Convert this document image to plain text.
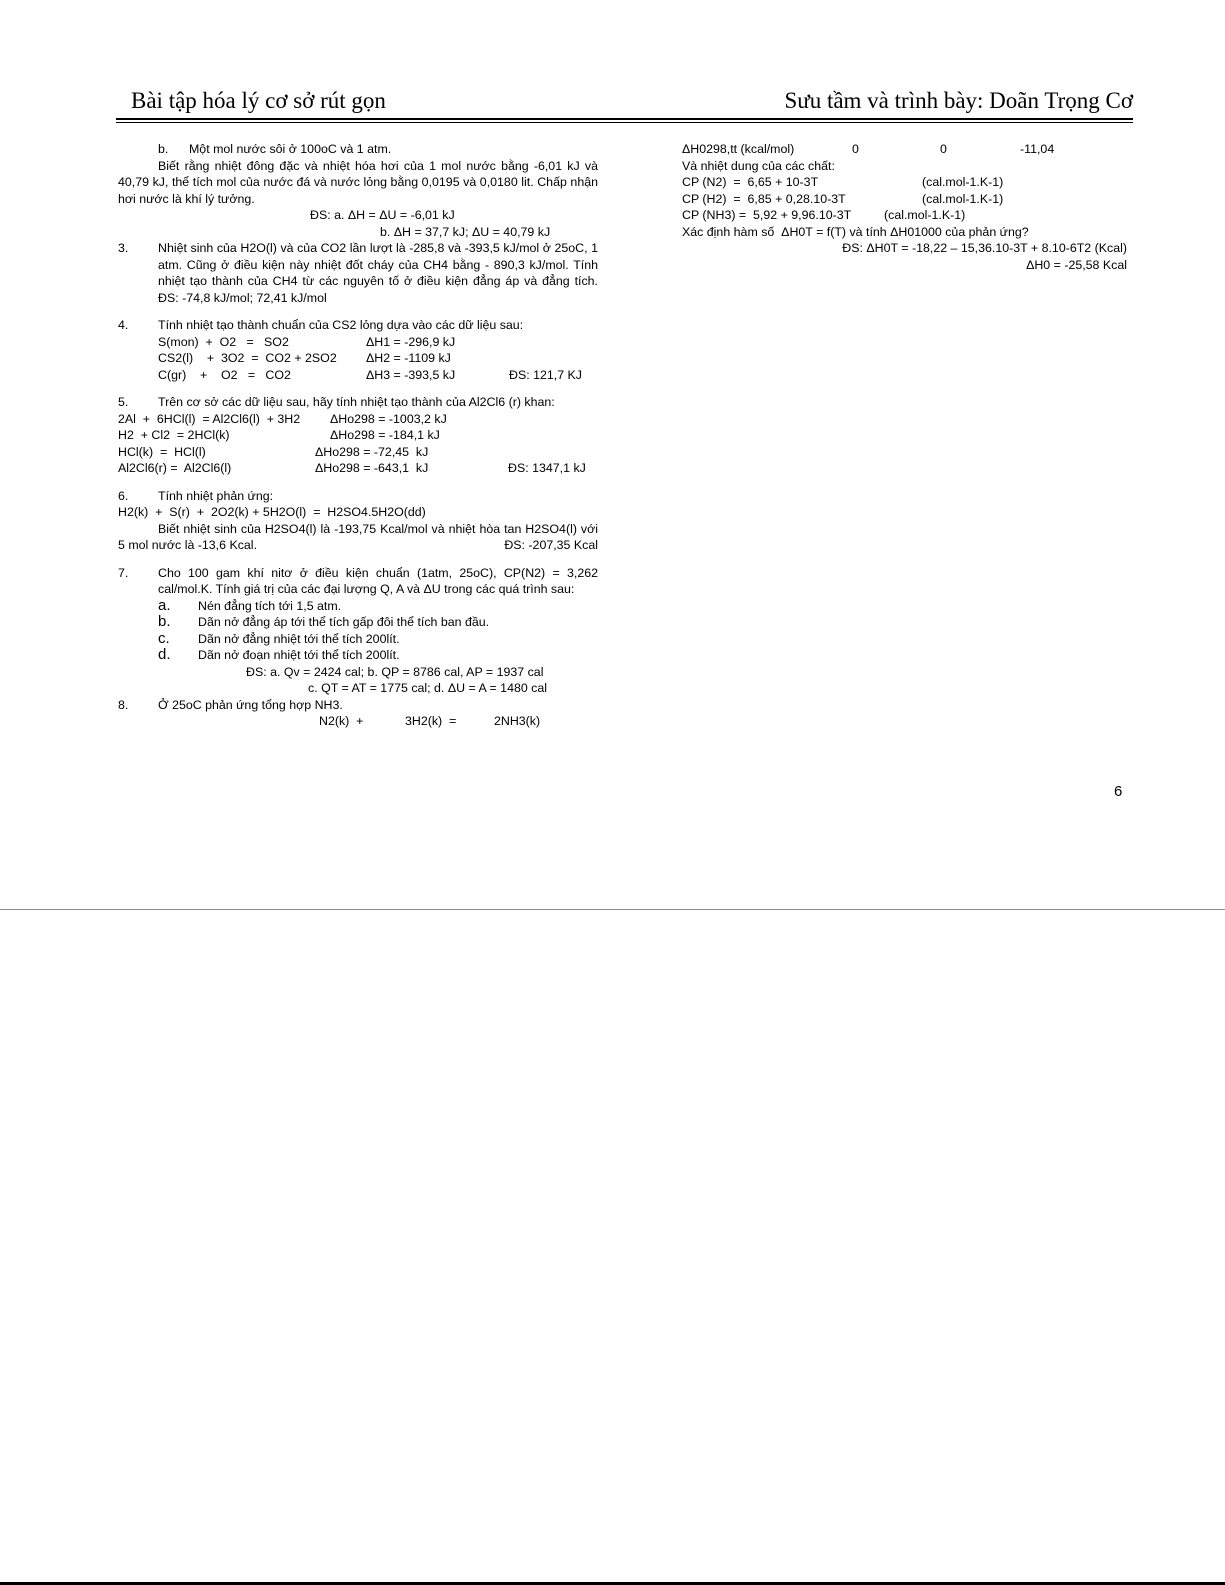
Bài tập hóa lý cơ sở rút gọn	Sưu tầm và trình bày: Doãn Trọng Cơ

b.      Một mol nước sôi ở 100oC và 1 atm.

Biết rằng nhiệt đông đặc và nhiệt hóa hơi của 1 mol nước bằng -6,01 kJ và 40,79 kJ, thể tích mol của nước đá và nước lỏng bằng 0,0195 và 0,0180 lit. Chấp nhận hơi nước là khí lý tưởng.

ĐS: a. ΔH = ΔU = -6,01 kJ

b. ΔH = 37,7 kJ; ΔU = 40,79 kJ

3.	Nhiệt sinh của H2O(l) và của CO2 lần lượt là -285,8 và -393,5 kJ/mol ở 25oC, 1 atm. Cũng ở điều kiện này nhiệt đốt cháy của CH4 bằng - 890,3 kJ/mol. Tính nhiệt tạo thành của CH4 từ các nguyên tố ở điều kiện đẳng áp và đẳng tích. ĐS: -74,8 kJ/mol; 72,41 kJ/mol

4.	Tính nhiệt tạo thành chuẩn của CS2 lỏng dựa vào các dữ liệu sau:

S(mon)  +  O2   =   SO2	ΔH1 = -296,9 kJ
CS2(l)    +  3O2  =  CO2 + 2SO2	ΔH2 = -1109 kJ
C(gr)    +    O2   =   CO2	ΔH3 = -393,5 kJ	ĐS: 121,7 KJ
5.	Trên cơ sở các dữ liệu sau, hãy tính nhiệt tạo thành của Al2Cl6 (r) khan:

2Al  +  6HCl(l)  = Al2Cl6(l)  + 3H2	ΔHo298 = -1003,2 kJ
H2  + Cl2  = 2HCl(k)	ΔHo298 = -184,1 kJ
HCl(k)  =  HCl(l)	ΔHo298 = -72,45  kJ
Al2Cl6(r) =  Al2Cl6(l)	ΔHo298 = -643,1  kJ	ĐS: 1347,1 kJ
6.	Tính nhiệt phản ứng:

H2(k)  +  S(r)  +  2O2(k) + 5H2O(l)  =  H2SO4.5H2O(dd)

Biết nhiệt sinh của H2SO4(l) là -193,75 Kcal/mol và nhiệt hòa tan H2SO4(l) với 5 mol nước là -13,6 Kcal.	ĐS: -207,35 Kcal

7.	Cho 100 gam khí nitơ ở điều kiện chuẩn (1atm, 25oC), CP(N2) = 3,262 cal/mol.K. Tính giá trị của các đại lượng Q, A và ΔU trong các quá trình sau:

a.	Nén đẳng tích tới 1,5 atm.
b.	Dãn nở đẳng áp tới thể tích gấp đôi thể tích ban đầu.
c.	Dãn nở đẳng nhiệt tới thể tích 200lít.
d.	Dãn nở đoạn nhiệt tới thể tích 200lít.

ĐS: a. Qv = 2424 cal; b. QP = 8786 cal, AP = 1937 cal

c. QT = AT = 1775 cal; d. ΔU = A = 1480 cal

8.	Ở 25oC phản ứng tổng hợp NH3.

N2(k)  +	3H2(k)  =	2NH3(k)
ΔH0298,tt (kcal/mol)	0	0	-11,04

Và nhiệt dung của các chất:

CP (N2)  =  6,65 + 10-3T	(cal.mol-1.K-1)
CP (H2)  =  6,85 + 0,28.10-3T	(cal.mol-1.K-1)
CP (NH3) =  5,92 + 9,96.10-3T	(cal.mol-1.K-1)

Xác định hàm số  ΔH0T = f(T) và tính ΔH01000 của phản ứng?

ĐS: ΔH0T = -18,22 – 15,36.10-3T + 8.10-6T2 (Kcal)

ΔH0 = -25,58 Kcal

6
